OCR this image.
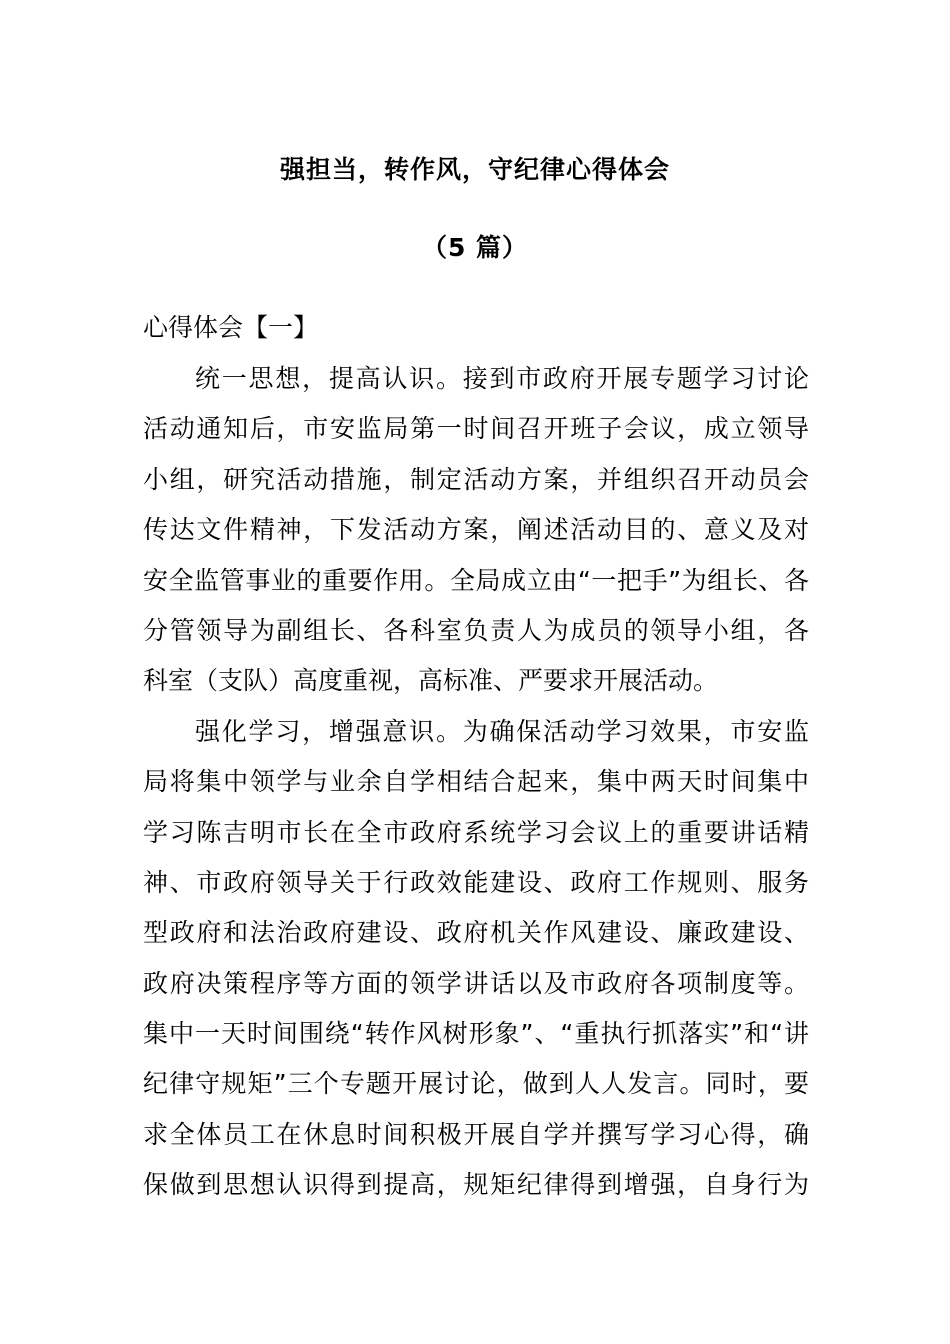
强担当，转作风，守纪律心得体会
（5 篇）
心得体会【一】
统一思想，提高认识。接到市政府开展专题学习讨论
活动通知后，市安监局第一时间召开班子会议，成立领导
小组，研究活动措施，制定活动方案，并组织召开动员会
传达文件精神，下发活动方案，阐述活动目的、意义及对
安全监管事业的重要作用。全局成立由“一把手”为组长、各
分管领导为副组长、各科室负责人为成员的领导小组，各
科室（支队）高度重视，高标准、严要求开展活动。
强化学习，增强意识。为确保活动学习效果，市安监
局将集中领学与业余自学相结合起来，集中两天时间集中
学习陈吉明市长在全市政府系统学习会议上的重要讲话精
神、市政府领导关于行政效能建设、政府工作规则、服务
型政府和法治政府建设、政府机关作风建设、廉政建设、
政府决策程序等方面的领学讲话以及市政府各项制度等。
集中一天时间围绕“转作风树形象”、“重执行抓落实”和“讲
纪律守规矩”三个专题开展讨论，做到人人发言。同时，要
求全体员工在休息时间积极开展自学并撰写学习心得，确
保做到思想认识得到提高，规矩纪律得到增强，自身行为
